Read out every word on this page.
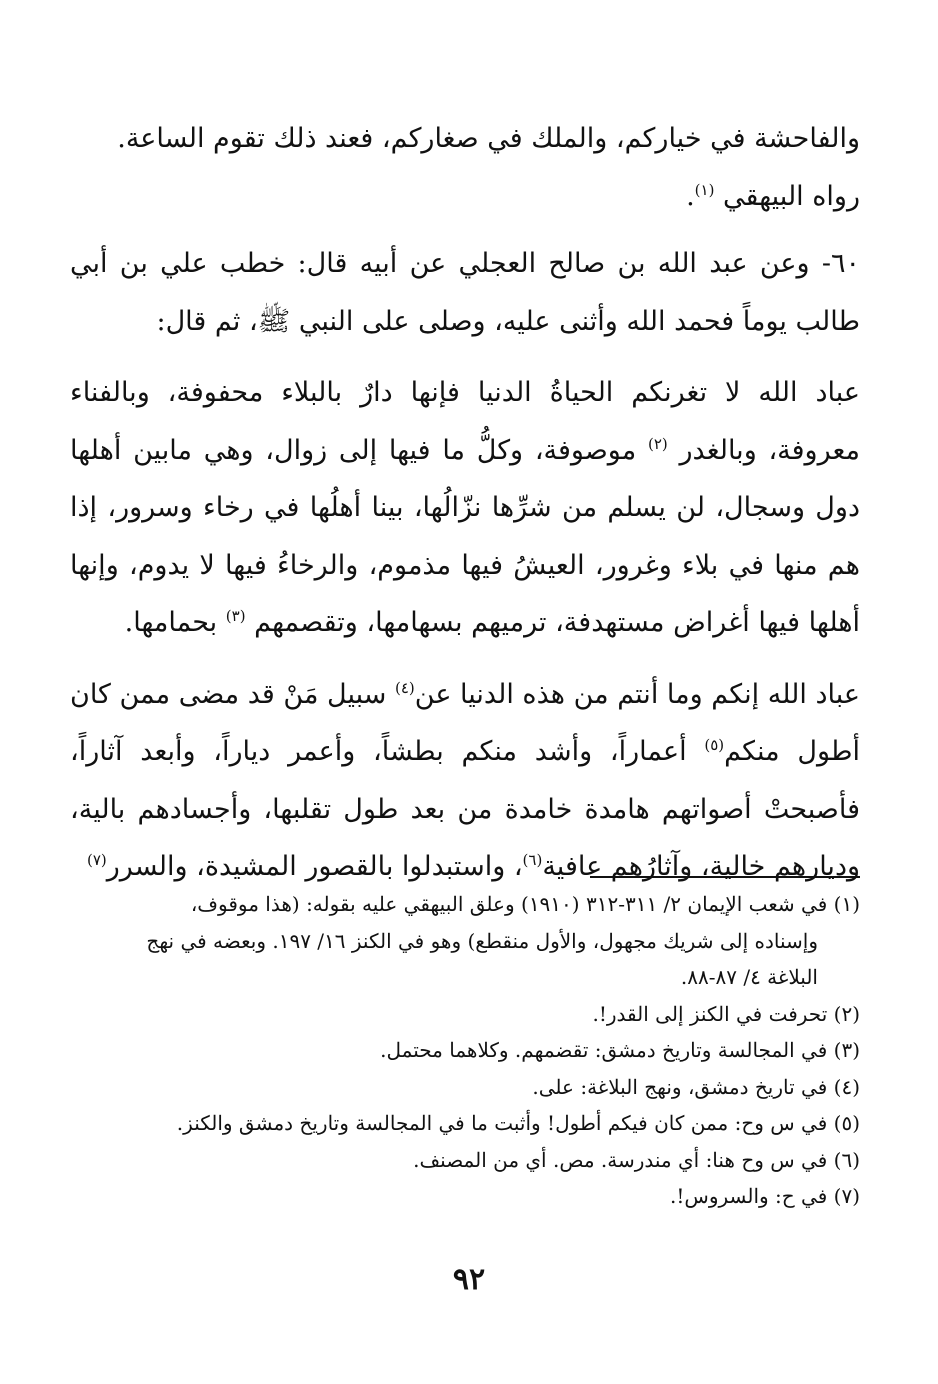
والفاحشة في خياركم، والملك في صغاركم، فعند ذلك تقوم الساعة.
رواه البيهقي $^{(١)}$.

٦٠- وعن عبد الله بن صالح العجلي عن أبيه قال: خطب علي بن أبي طالب يوماً فحمد الله وأثنى عليه، وصلى على النبي ﷺ، ثم قال:

عباد الله لا تغرنكم الحياةُ الدنيا فإنها دارٌ بالبلاء محفوفة، وبالفناء معروفة، وبالغدر $^{(٢)}$ موصوفة، وكلُّ ما فيها إلى زوال، وهي مابين أهلها دول وسجال، لن يسلم من شرِّها نزّالُها، بينا أهلُها في رخاء وسرور، إذا هم منها في بلاء وغرور، العيشُ فيها مذموم، والرخاءُ فيها لا يدوم، وإنها أهلها فيها أغراض مستهدفة، ترميهم بسهامها، وتقصمهم $^{(٣)}$ بحمامها.

عباد الله إنكم وما أنتم من هذه الدنيا عن$^{(٤)}$ سبيل مَنْ قد مضى ممن كان أطول منكم$^{(٥)}$ أعماراً، وأشد منكم بطشاً، وأعمر دياراً، وأبعد آثاراً، فأصبحتْ أصواتهم هامدة خامدة من بعد طول تقلبها، وأجسادهم بالية، وديارهم خالية، وآثارُهم عافية$^{(٦)}$، واستبدلوا بالقصور المشيدة، والسرر$^{(٧)}$

(١) في شعب الإيمان ٢/ ٣١١-٣١٢ (١٩١٠) وعلق البيهقي عليه بقوله: (هذا موقوف،

وإسناده إلى شريك مجهول، والأول منقطع) وهو في الكنز ١٦/ ١٩٧. وبعضه في نهج

البلاغة ٤/ ٨٧-٨٨.

(٢) تحرفت في الكنز إلى القدر!.

(٣) في المجالسة وتاريخ دمشق: تقضمهم. وكلاهما محتمل.

(٤) في تاريخ دمشق، ونهج البلاغة: على.

(٥) في س وح: ممن كان فيكم أطول! وأثبت ما في المجالسة وتاريخ دمشق والكنز.

(٦) في س وح هنا: أي مندرسة. مص. أي من المصنف.

(٧) في ح: والسروس!.

٩٢
